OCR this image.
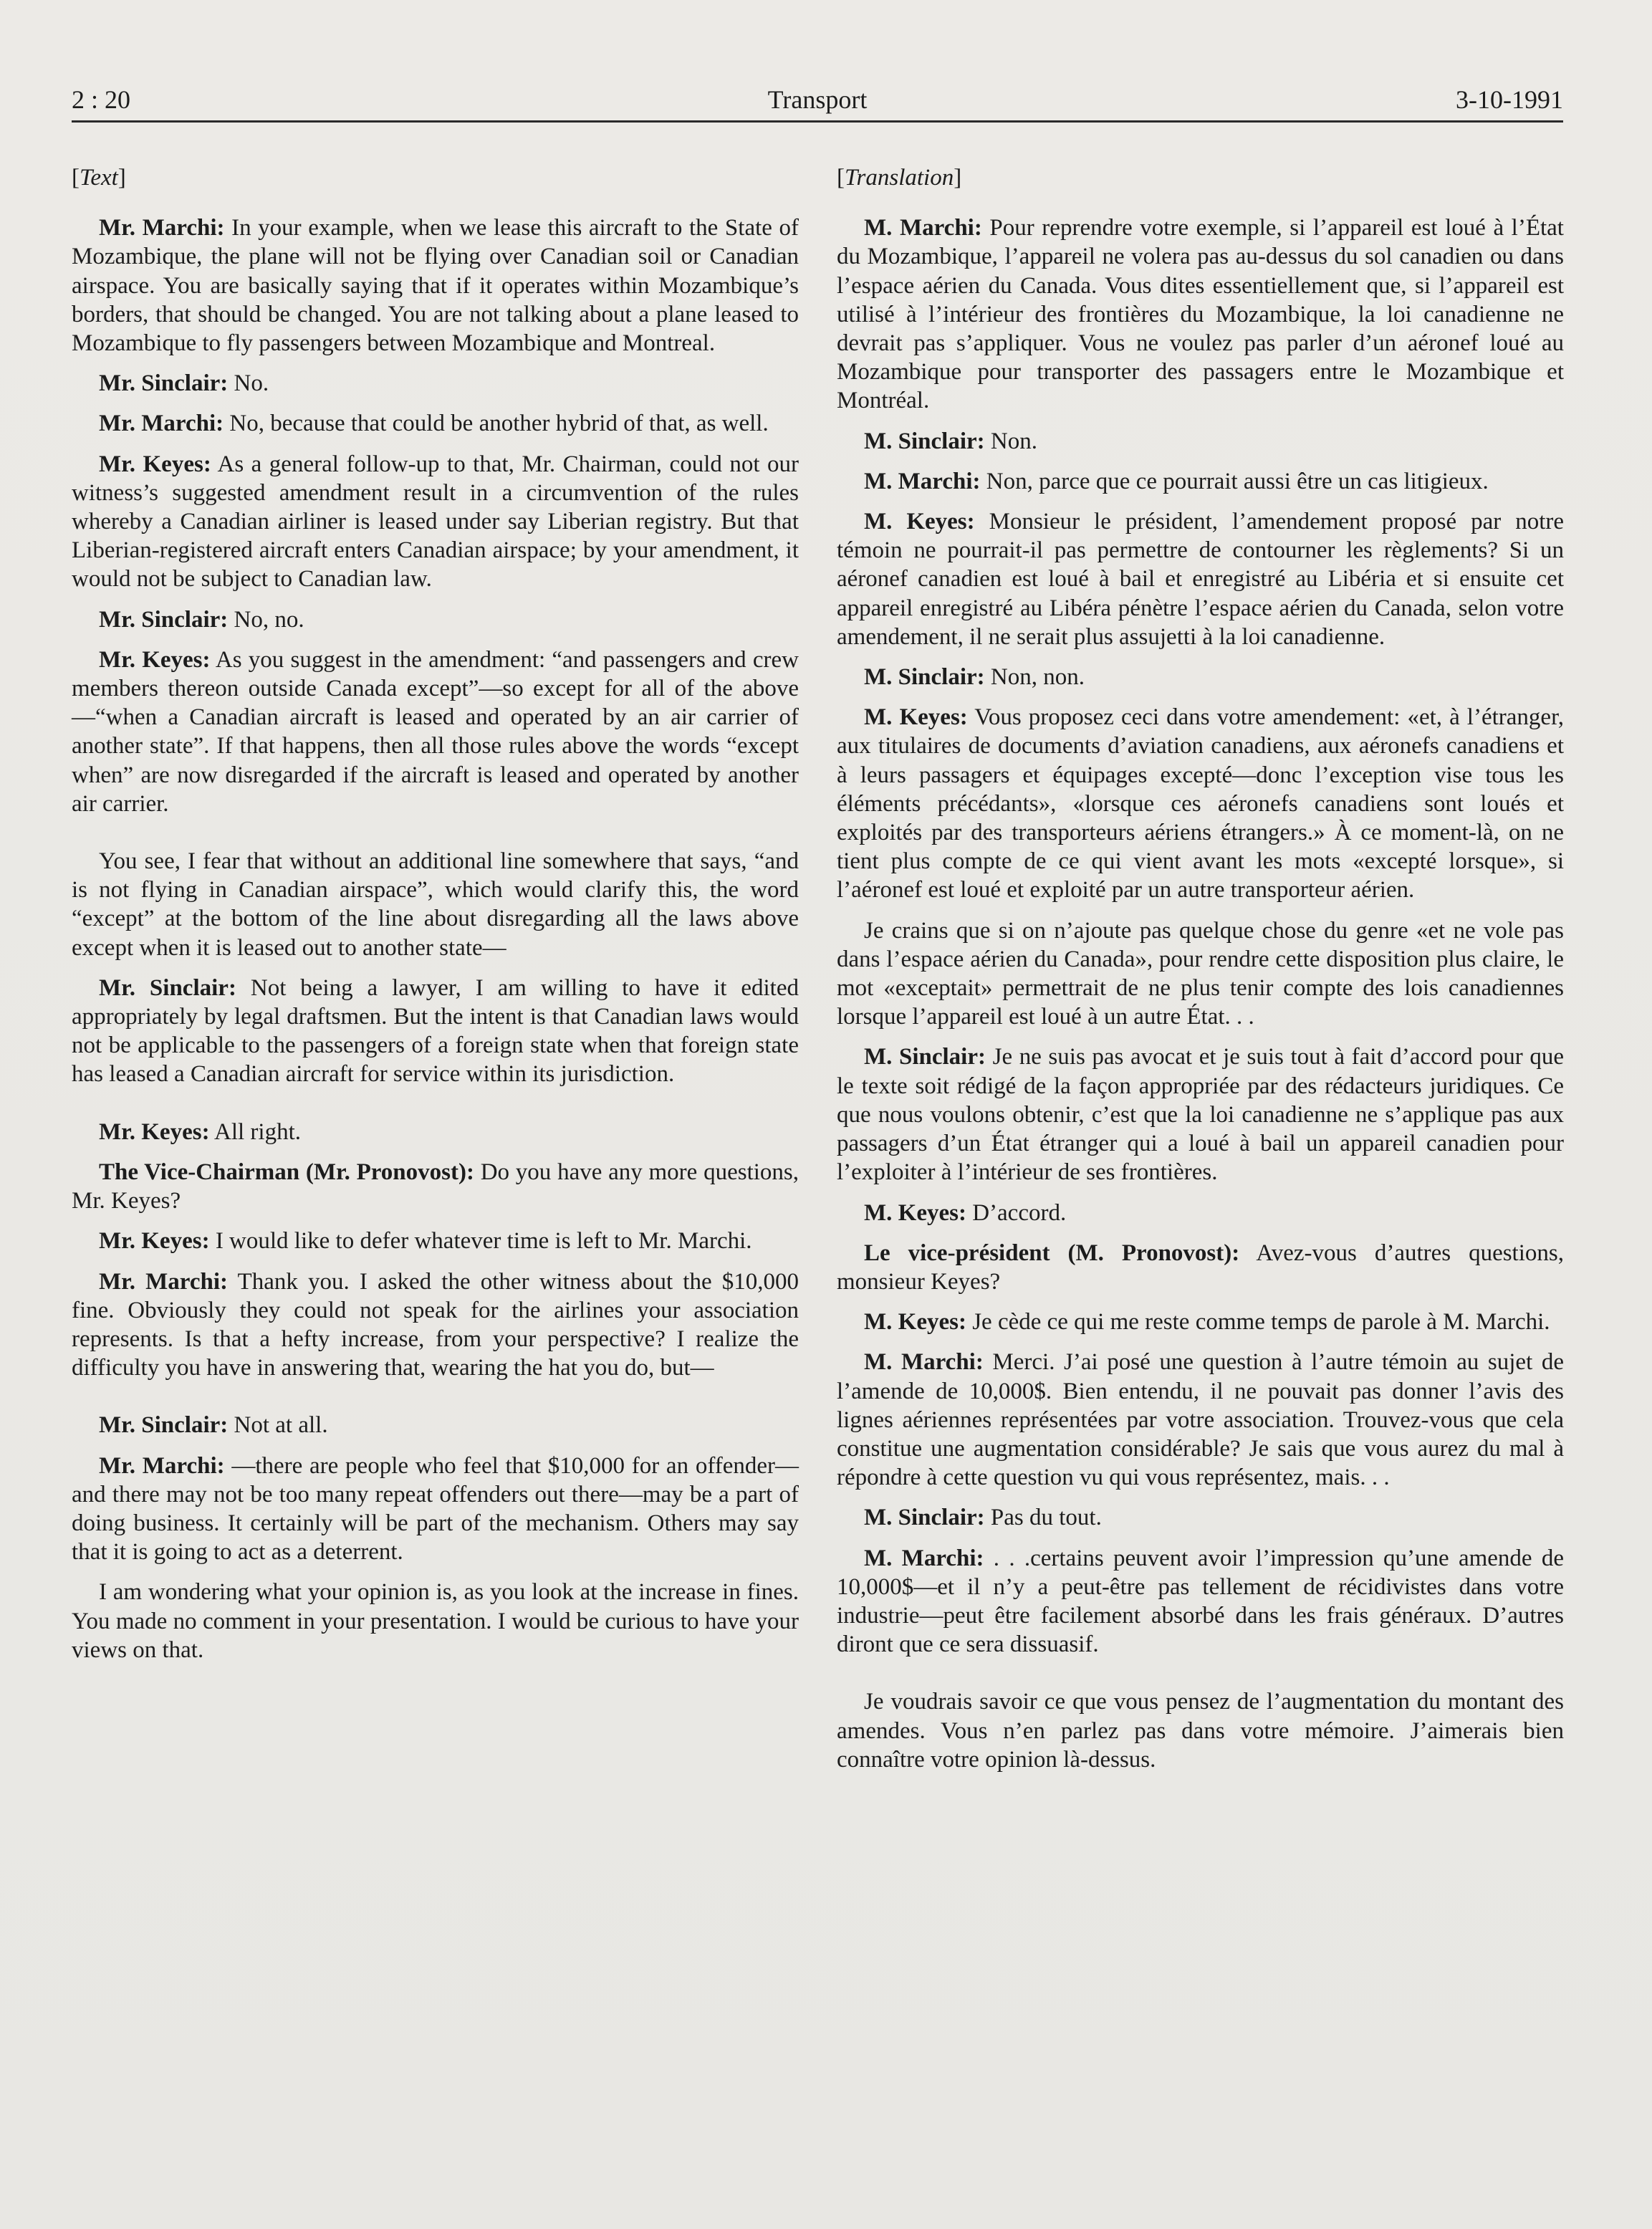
2 : 20	Transport	3-10-1991
[Text]

Mr. Marchi: In your example, when we lease this aircraft to the State of Mozambique, the plane will not be flying over Canadian soil or Canadian airspace. You are basically saying that if it operates within Mozambique’s borders, that should be changed. You are not talking about a plane leased to Mozambique to fly passengers between Mozambique and Montreal.

Mr. Sinclair: No.

Mr. Marchi: No, because that could be another hybrid of that, as well.

Mr. Keyes: As a general follow-up to that, Mr. Chairman, could not our witness’s suggested amendment result in a circumvention of the rules whereby a Canadian airliner is leased under say Liberian registry. But that Liberian-registered aircraft enters Canadian airspace; by your amendment, it would not be subject to Canadian law.

Mr. Sinclair: No, no.

Mr. Keyes: As you suggest in the amendment: “and passengers and crew members thereon outside Canada except”—so except for all of the above—“when a Canadian aircraft is leased and operated by an air carrier of another state”. If that happens, then all those rules above the words “except when” are now disregarded if the aircraft is leased and operated by another air carrier.

You see, I fear that without an additional line somewhere that says, “and is not flying in Canadian airspace”, which would clarify this, the word “except” at the bottom of the line about disregarding all the laws above except when it is leased out to another state—

Mr. Sinclair: Not being a lawyer, I am willing to have it edited appropriately by legal draftsmen. But the intent is that Canadian laws would not be applicable to the passengers of a foreign state when that foreign state has leased a Canadian aircraft for service within its jurisdiction.

Mr. Keyes: All right.

The Vice-Chairman (Mr. Pronovost): Do you have any more questions, Mr. Keyes?

Mr. Keyes: I would like to defer whatever time is left to Mr. Marchi.

Mr. Marchi: Thank you. I asked the other witness about the $10,000 fine. Obviously they could not speak for the airlines your association represents. Is that a hefty increase, from your perspective? I realize the difficulty you have in answering that, wearing the hat you do, but—

Mr. Sinclair: Not at all.

Mr. Marchi: —there are people who feel that $10,000 for an offender—and there may not be too many repeat offenders out there—may be a part of doing business. It certainly will be part of the mechanism. Others may say that it is going to act as a deterrent.

I am wondering what your opinion is, as you look at the increase in fines. You made no comment in your presentation. I would be curious to have your views on that.

[Translation]

M. Marchi: Pour reprendre votre exemple, si l’appareil est loué à l’État du Mozambique, l’appareil ne volera pas au-dessus du sol canadien ou dans l’espace aérien du Canada. Vous dites essentiellement que, si l’appareil est utilisé à l’intérieur des frontières du Mozambique, la loi canadienne ne devrait pas s’appliquer. Vous ne voulez pas parler d’un aéronef loué au Mozambique pour transporter des passagers entre le Mozambique et Montréal.

M. Sinclair: Non.

M. Marchi: Non, parce que ce pourrait aussi être un cas litigieux.

M. Keyes: Monsieur le président, l’amendement proposé par notre témoin ne pourrait-il pas permettre de contourner les règlements? Si un aéronef canadien est loué à bail et enregistré au Libéria et si ensuite cet appareil enregistré au Libéra pénètre l’espace aérien du Canada, selon votre amendement, il ne serait plus assujetti à la loi canadienne.

M. Sinclair: Non, non.

M. Keyes: Vous proposez ceci dans votre amendement: «et, à l’étranger, aux titulaires de documents d’aviation canadiens, aux aéronefs canadiens et à leurs passagers et équipages excepté—donc l’exception vise tous les éléments précédants», «lorsque ces aéronefs canadiens sont loués et exploités par des transporteurs aériens étrangers.» À ce moment-là, on ne tient plus compte de ce qui vient avant les mots «excepté lorsque», si l’aéronef est loué et exploité par un autre transporteur aérien.

Je crains que si on n’ajoute pas quelque chose du genre «et ne vole pas dans l’espace aérien du Canada», pour rendre cette disposition plus claire, le mot «exceptait» permettrait de ne plus tenir compte des lois canadiennes lorsque l’appareil est loué à un autre État. . .

M. Sinclair: Je ne suis pas avocat et je suis tout à fait d’accord pour que le texte soit rédigé de la façon appropriée par des rédacteurs juridiques. Ce que nous voulons obtenir, c’est que la loi canadienne ne s’applique pas aux passagers d’un État étranger qui a loué à bail un appareil canadien pour l’exploiter à l’intérieur de ses frontières.

M. Keyes: D’accord.

Le vice-président (M. Pronovost): Avez-vous d’autres questions, monsieur Keyes?

M. Keyes: Je cède ce qui me reste comme temps de parole à M. Marchi.

M. Marchi: Merci. J’ai posé une question à l’autre témoin au sujet de l’amende de 10,000$. Bien entendu, il ne pouvait pas donner l’avis des lignes aériennes représentées par votre association. Trouvez-vous que cela constitue une augmentation considérable? Je sais que vous aurez du mal à répondre à cette question vu qui vous représentez, mais. . .

M. Sinclair: Pas du tout.

M. Marchi: . . .certains peuvent avoir l’impression qu’une amende de 10,000$—et il n’y a peut-être pas tellement de récidivistes dans votre industrie—peut être facilement absorbé dans les frais généraux. D’autres diront que ce sera dissuasif.

Je voudrais savoir ce que vous pensez de l’augmentation du montant des amendes. Vous n’en parlez pas dans votre mémoire. J’aimerais bien connaître votre opinion là-dessus.
